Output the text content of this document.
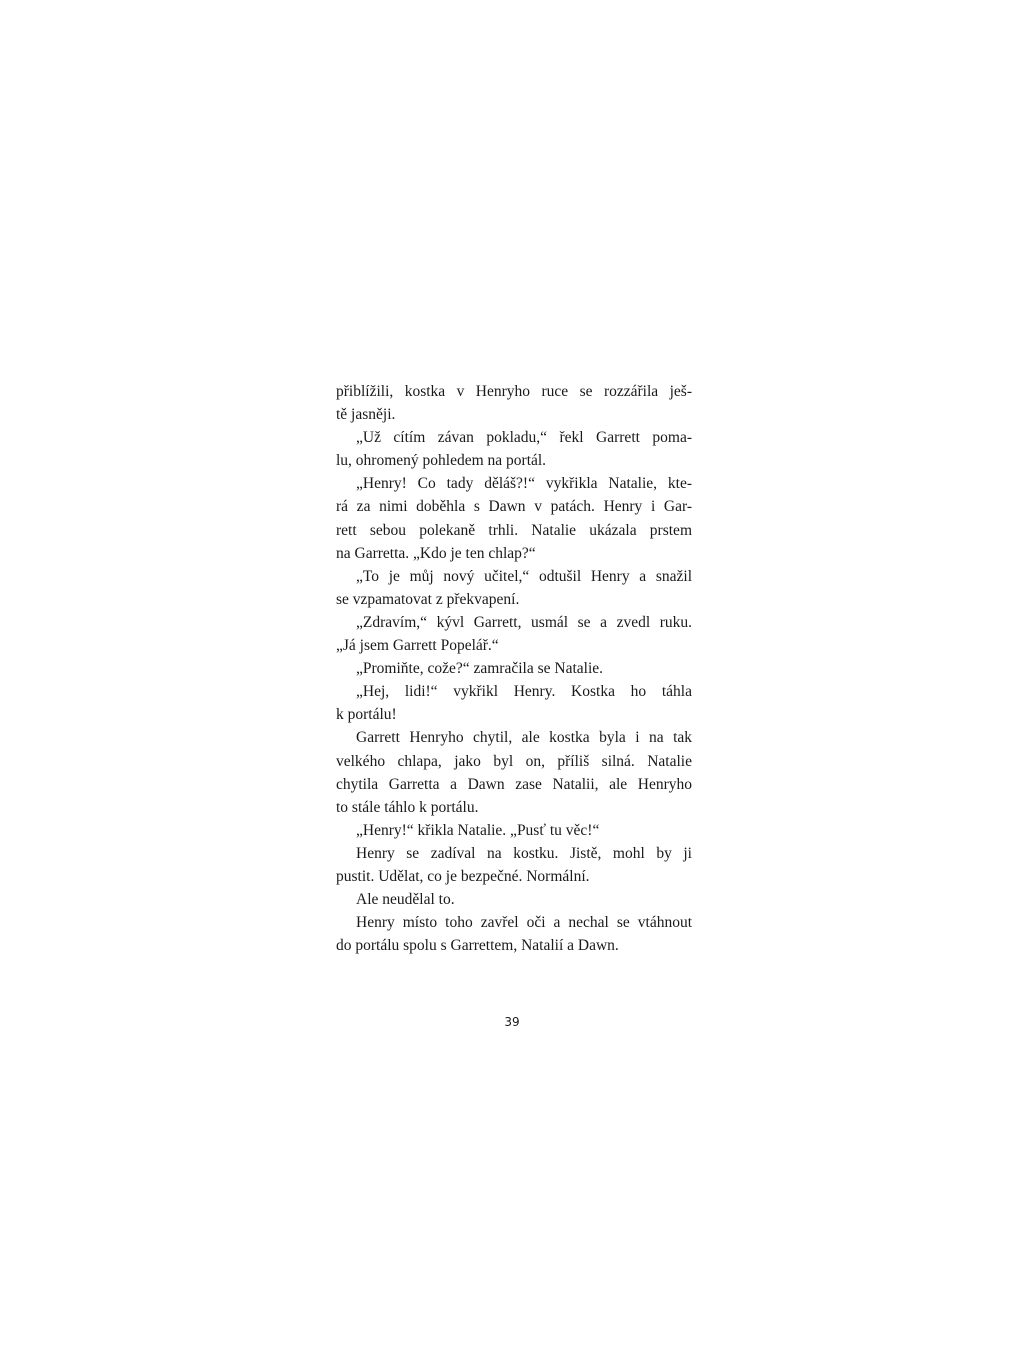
přiblížili, kostka v Henryho ruce se rozzářila ješ-
tě jasněji.
„Už cítím závan pokladu,“ řekl Garrett poma-
lu, ohromený pohledem na portál.
„Henry! Co tady děláš?!“ vykřikla Natalie, kte-
rá za nimi doběhla s Dawn v patách. Henry i Gar-
rett sebou polekaně trhli. Natalie ukázala prstem
na Garretta. „Kdo je ten chlap?“
„To je můj nový učitel,“ odtušil Henry a snažil
se vzpamatovat z překvapení.
„Zdravím,“ kývl Garrett, usmál se a zvedl ruku.
„Já jsem Garrett Popelář.“
„Promiňte, cože?“ zamračila se Natalie.
„Hej, lidi!“ vykřikl Henry. Kostka ho táhla
k portálu!
Garrett Henryho chytil, ale kostka byla i na tak
velkého chlapa, jako byl on, příliš silná. Natalie
chytila Garretta a Dawn zase Natalii, ale Henryho
to stále táhlo k portálu.
„Henry!“ křikla Natalie. „Pusť tu věc!“
Henry se zadíval na kostku. Jistě, mohl by ji
pustit. Udělat, co je bezpečné. Normální.
Ale neudělal to.
Henry místo toho zavřel oči a nechal se vtáhnout
do portálu spolu s Garrettem, Natalií a Dawn.
39
